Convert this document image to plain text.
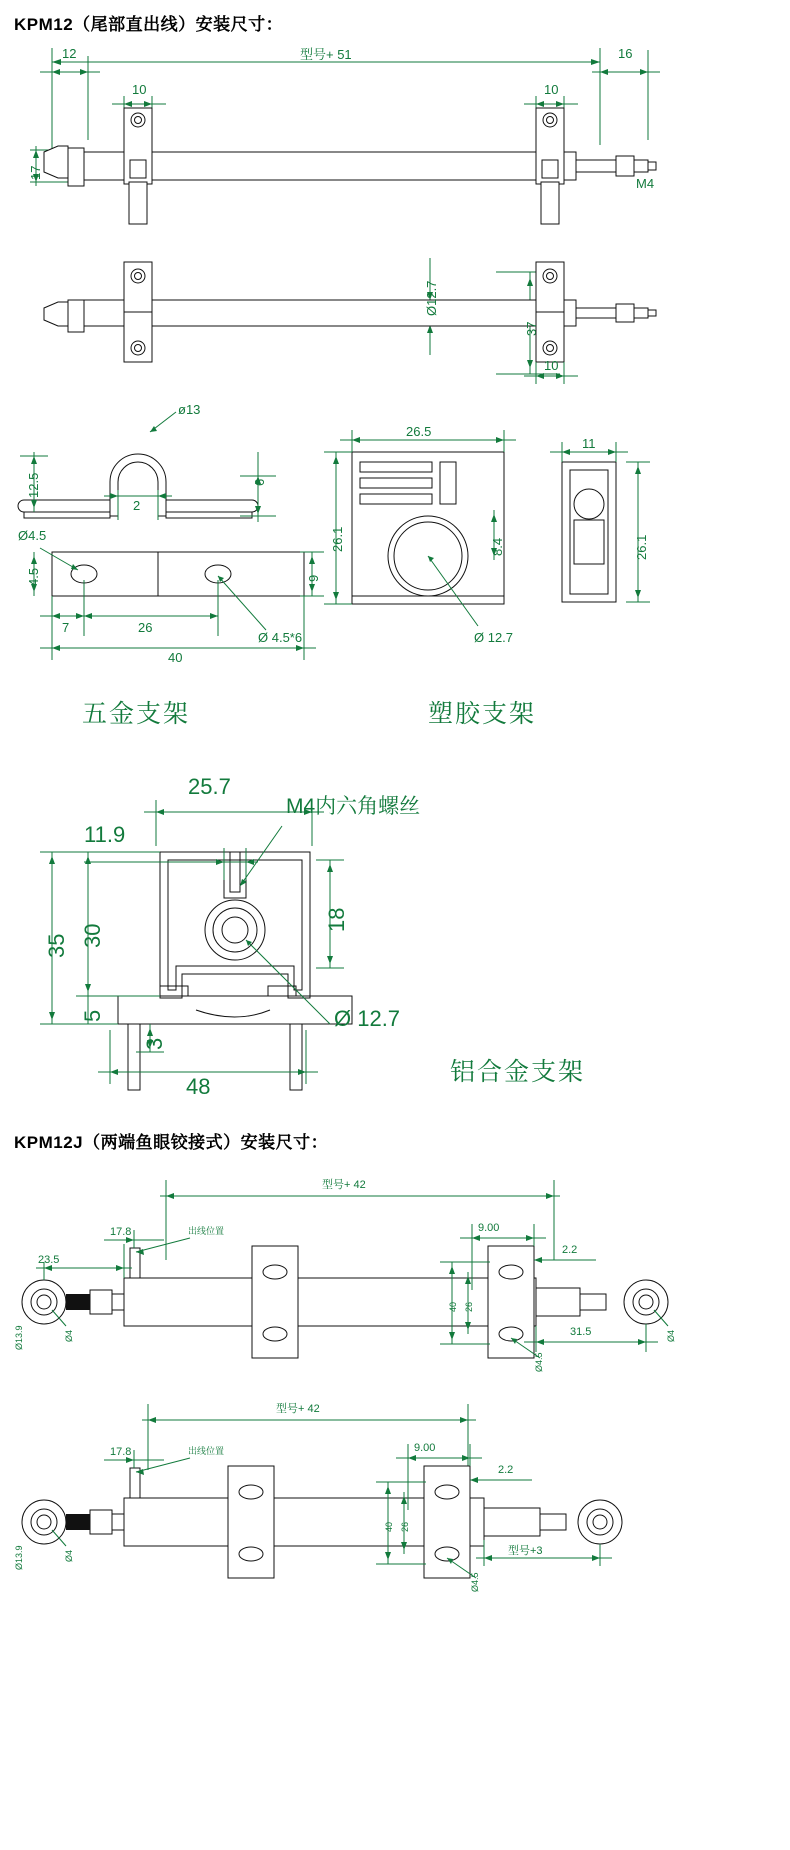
KPM12（尾部直出线）安装尺寸：
型号+ 51
12
10	10
16
17
M4
Ø12.7
37
10
ø13
12.5	6
2
Ø4.5
4.5	9
7	26
40
Ø 4.5*6
26.5
26.1	8.4
Ø 12.7
11
26.1
五金支架	塑胶支架
铝合金支架
25.7
11.9
M4内六角螺丝
35 30
18
5
3
48
Ø 12.7
KPM12J（两端鱼眼铰接式）安装尺寸：
型号+ 42
23.5
17.8	出线位置	9.00
2.2
40 26
31.5
Ø13.9	Ø4	Ø4
Ø4.5
型号+ 42
17.8	出线位置	9.00
2.2
40 26
型号+3
Ø13.9	Ø4
Ø4.5
